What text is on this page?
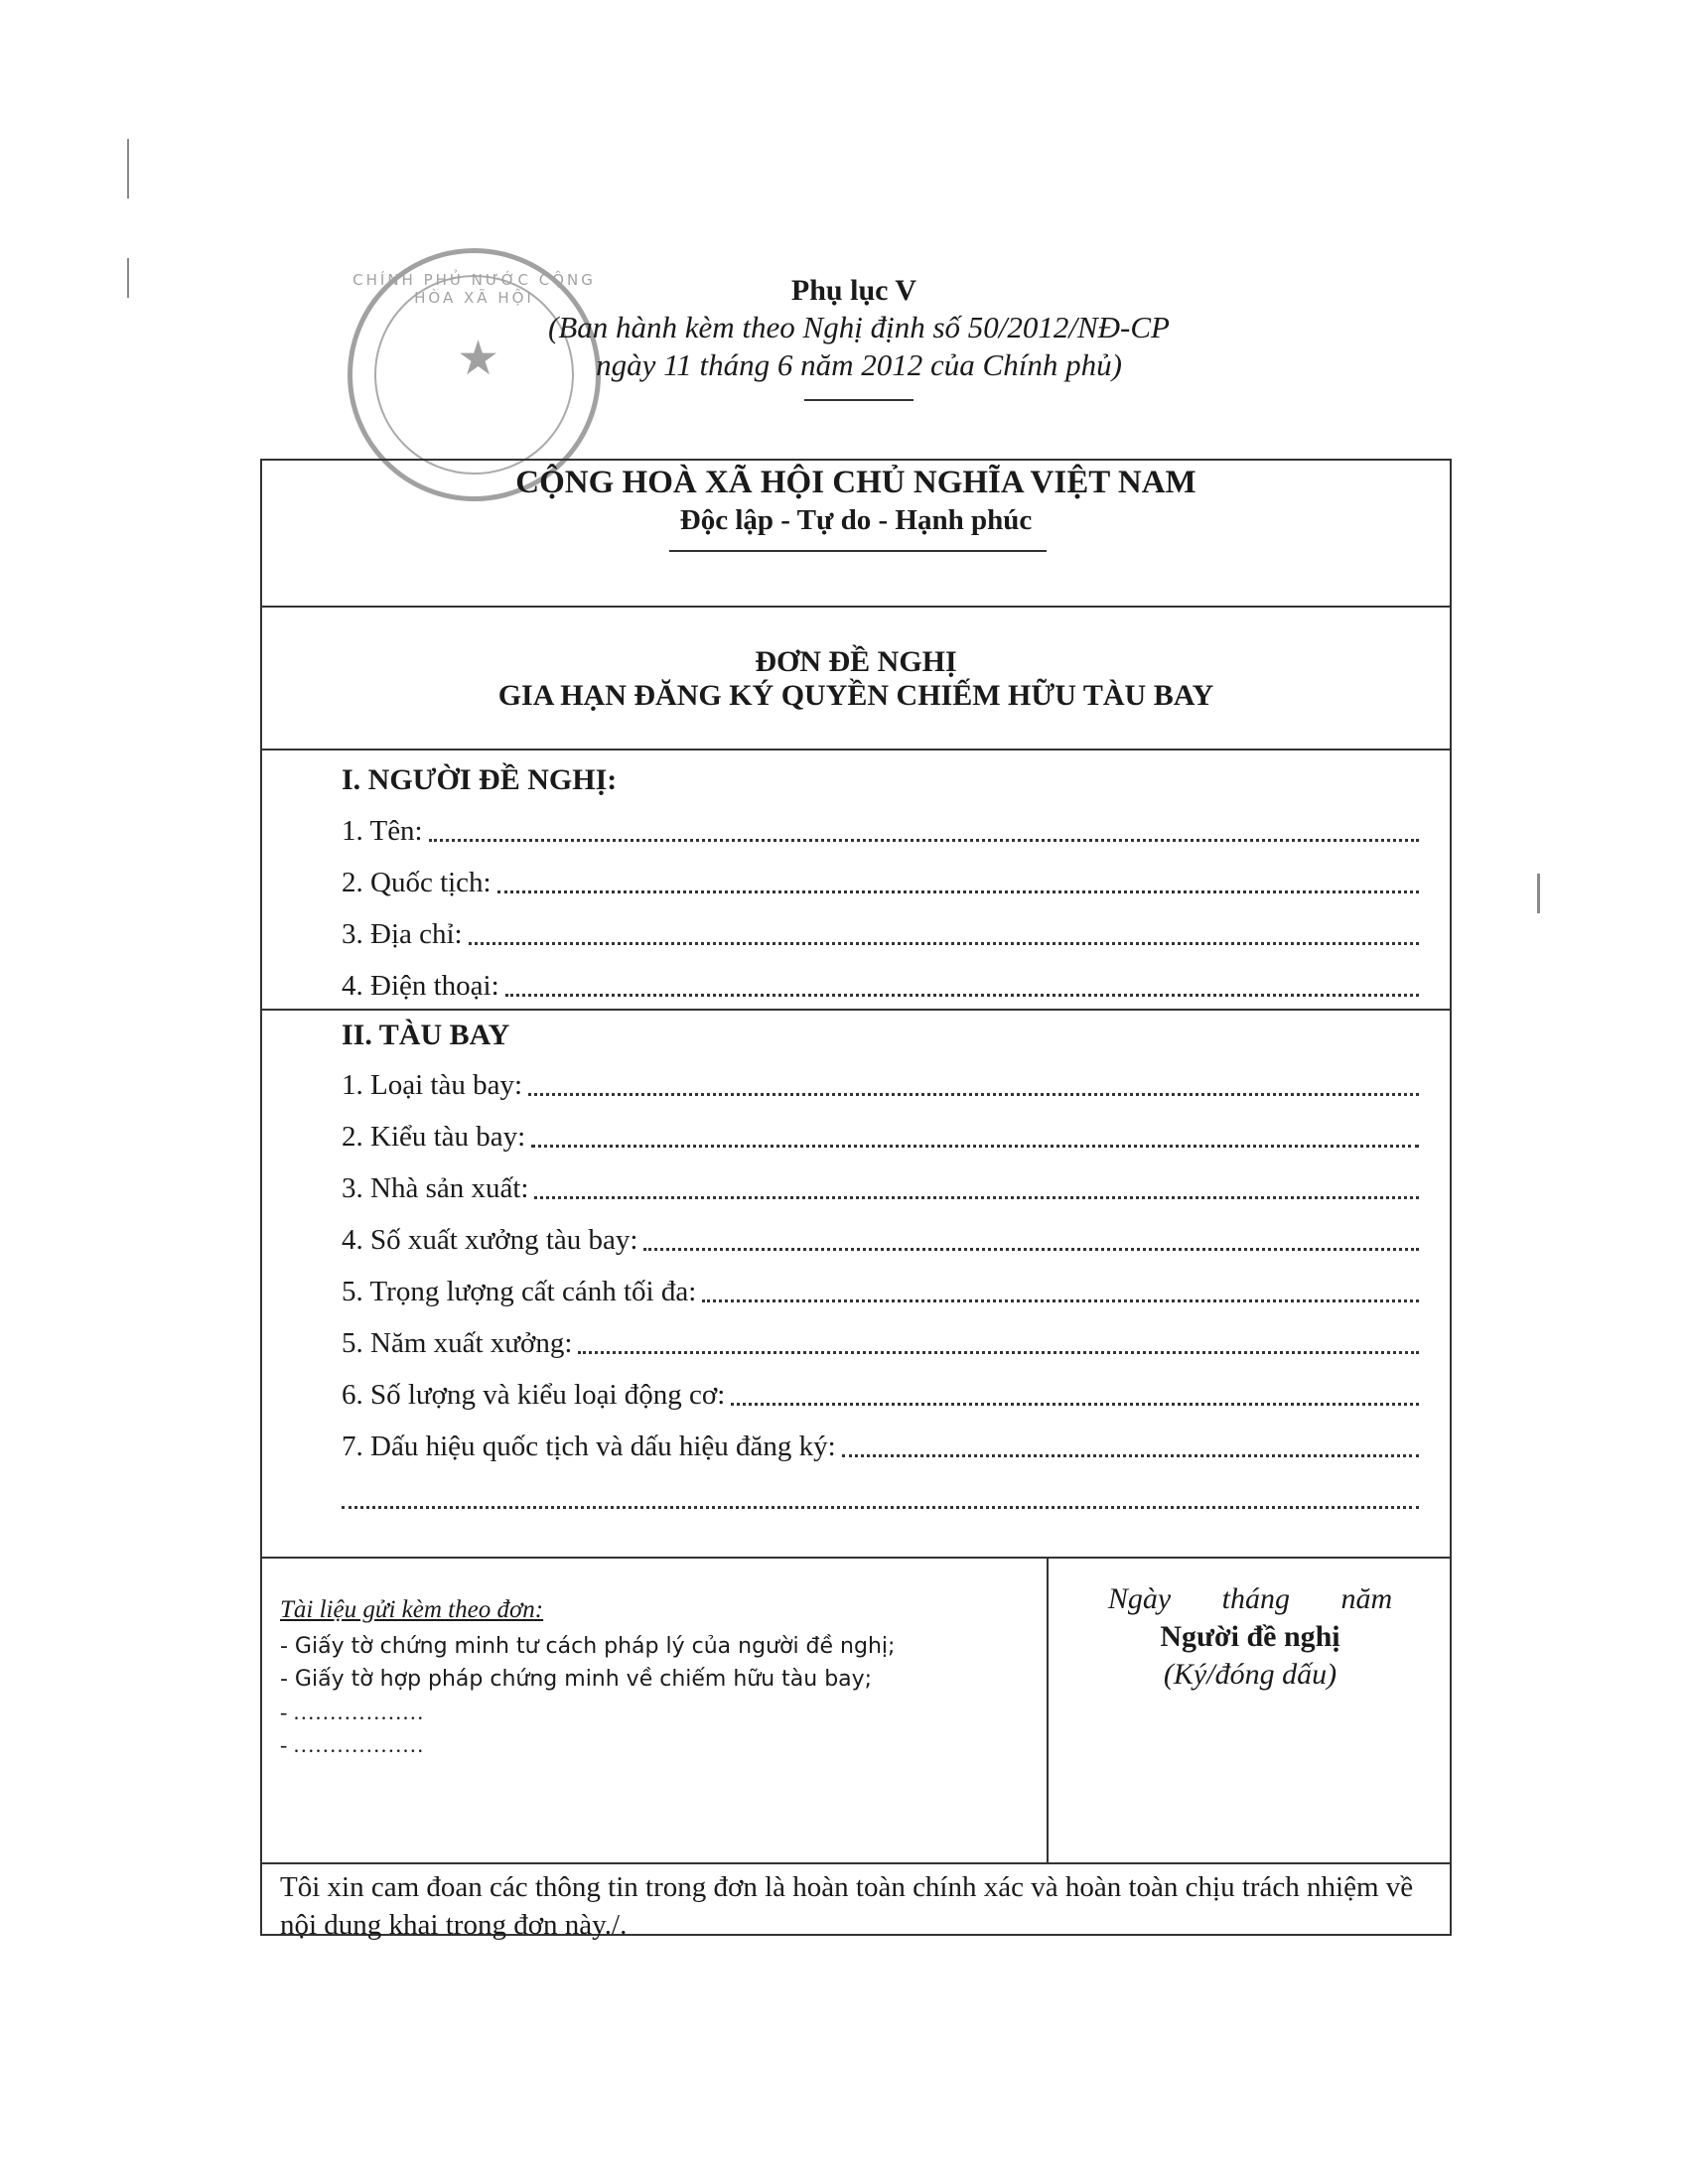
CHÍNH PHỦ NƯỚC CỘNG HÒA XÃ HỘI
★
Phụ lục V
(Ban hành kèm theo Nghị định số 50/2012/NĐ-CP
ngày 11 tháng 6 năm 2012 của Chính phủ)
CỘNG HOÀ XÃ HỘI CHỦ NGHĨA VIỆT NAM
Độc lập - Tự do - Hạnh phúc
ĐƠN ĐỀ NGHỊ
GIA HẠN ĐĂNG KÝ QUYỀN CHIẾM HỮU TÀU BAY
I. NGƯỜI ĐỀ NGHỊ:
1. Tên:
2. Quốc tịch:
3. Địa chỉ:
4. Điện thoại:
II. TÀU BAY
1. Loại tàu bay:
2. Kiểu tàu bay:
3. Nhà sản xuất:
4. Số xuất xưởng tàu bay:
5. Trọng lượng cất cánh tối đa:
5. Năm xuất xưởng:
6. Số lượng và kiểu loại động cơ:
7. Dấu hiệu quốc tịch và dấu hiệu đăng ký:
Tài liệu gửi kèm theo đơn:
- Giấy tờ chứng minh tư cách pháp lý của người đề nghị;
- Giấy tờ hợp pháp chứng minh về chiếm hữu tàu bay;
- ………………
- ………………
Ngày tháng năm
Người đề nghị
(Ký/đóng dấu)
Tôi xin cam đoan các thông tin trong đơn là hoàn toàn chính xác và hoàn toàn chịu trách nhiệm về nội dung khai trong đơn này./.
